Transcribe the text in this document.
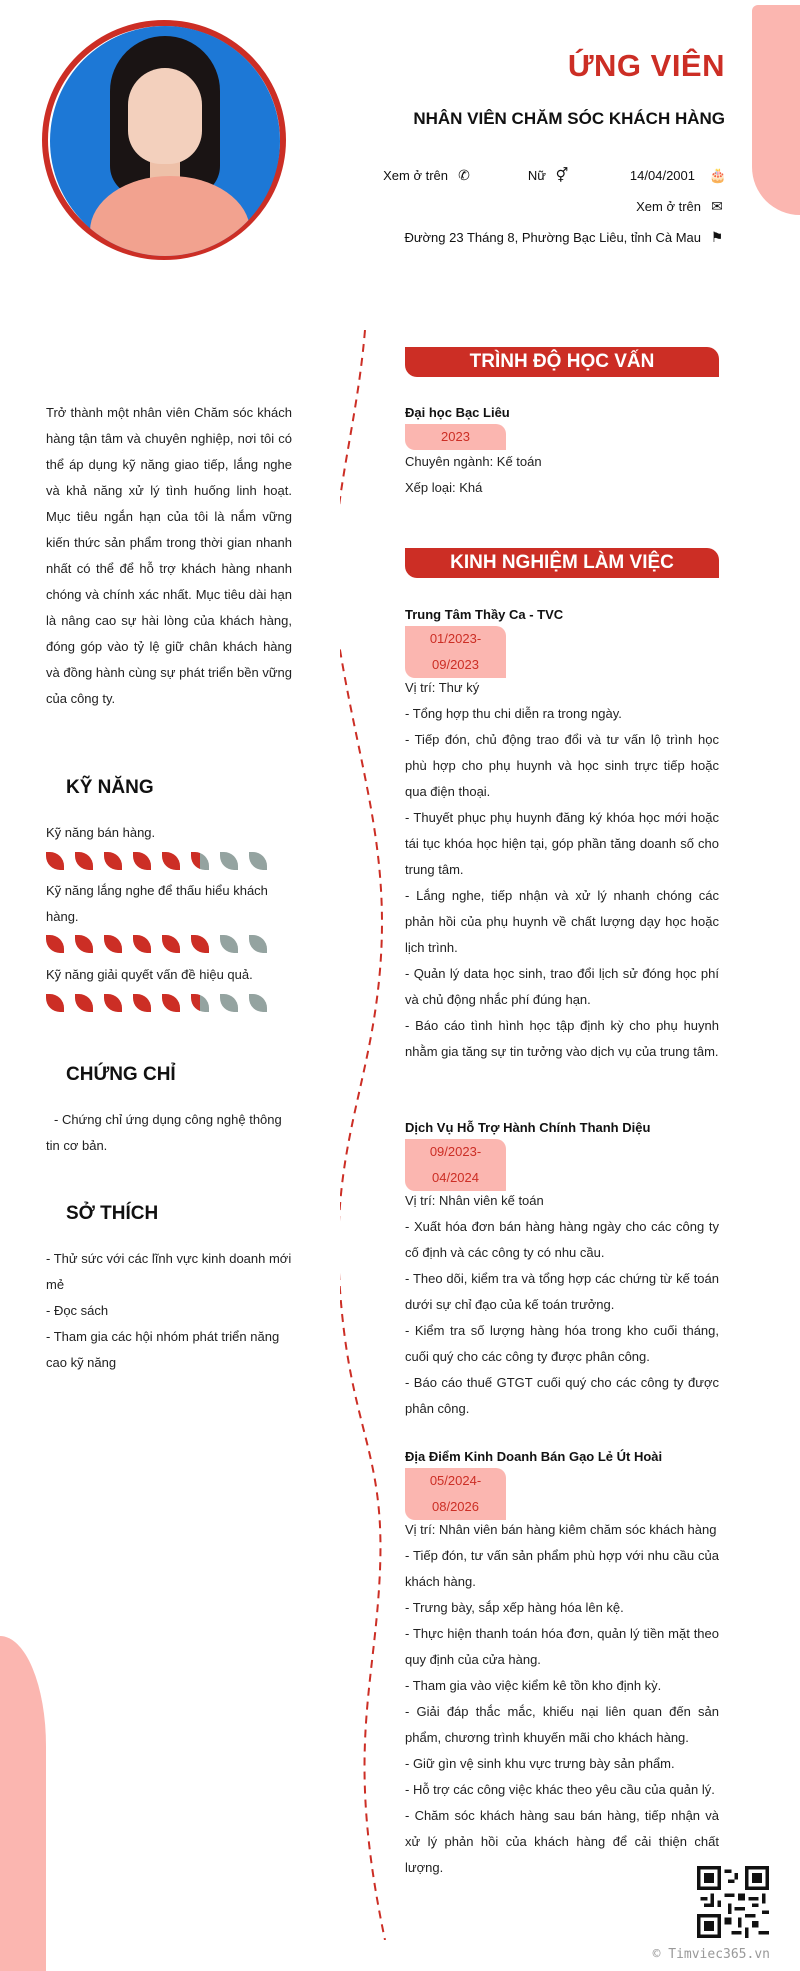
ỨNG VIÊN
NHÂN VIÊN CHĂM SÓC KHÁCH HÀNG
Xem ở trên ✆	Nữ ⚥	14/04/2001 🎂
Xem ở trên ✉
Đường 23 Tháng 8, Phường Bạc Liêu, tỉnh Cà Mau ⚑
Trở thành một nhân viên Chăm sóc khách hàng tận tâm và chuyên nghiệp, nơi tôi có thể áp dụng kỹ năng giao tiếp, lắng nghe và khả năng xử lý tình huống linh hoạt. Mục tiêu ngắn hạn của tôi là nắm vững kiến thức sản phẩm trong thời gian nhanh nhất có thể để hỗ trợ khách hàng nhanh chóng và chính xác nhất. Mục tiêu dài hạn là nâng cao sự hài lòng của khách hàng, đóng góp vào tỷ lệ giữ chân khách hàng và đồng hành cùng sự phát triển bền vững của công ty.
KỸ NĂNG
Kỹ năng bán hàng.
Kỹ năng lắng nghe để thấu hiểu khách hàng.
Kỹ năng giải quyết vấn đề hiệu quả.
CHỨNG CHỈ
- Chứng chỉ ứng dụng công nghệ thông tin cơ bản.
SỞ THÍCH
- Thử sức với các lĩnh vực kinh doanh mới mẻ
- Đọc sách
- Tham gia các hội nhóm phát triển năng cao kỹ năng
TRÌNH ĐỘ HỌC VẤN
Đại học Bạc Liêu
2023
Chuyên ngành: Kế toán
Xếp loại: Khá
KINH NGHIỆM LÀM VIỆC
Trung Tâm Thầy Ca - TVC
01/2023-
09/2023
Vị trí: Thư ký
- Tổng hợp thu chi diễn ra trong ngày.
- Tiếp đón, chủ động trao đổi và tư vấn lộ trình học phù hợp cho phụ huynh và học sinh trực tiếp hoặc qua điện thoại.
- Thuyết phục phụ huynh đăng ký khóa học mới hoặc tái tục khóa học hiện tại, góp phần tăng doanh số cho trung tâm.
- Lắng nghe, tiếp nhận và xử lý nhanh chóng các phản hồi của phụ huynh về chất lượng dạy học hoặc lịch trình.
- Quản lý data học sinh, trao đổi lịch sử đóng học phí và chủ động nhắc phí đúng hạn.
- Báo cáo tình hình học tập định kỳ cho phụ huynh nhằm gia tăng sự tin tưởng vào dịch vụ của trung tâm.
Dịch Vụ Hỗ Trợ Hành Chính Thanh Diệu
09/2023-
04/2024
Vị trí: Nhân viên kế toán
- Xuất hóa đơn bán hàng hàng ngày cho các công ty cố định và các công ty có nhu cầu.
- Theo dõi, kiểm tra và tổng hợp các chứng từ kế toán dưới sự chỉ đạo của kế toán trưởng.
- Kiểm tra số lượng hàng hóa trong kho cuối tháng, cuối quý cho các công ty được phân công.
- Báo cáo thuế GTGT cuối quý cho các công ty được phân công.
Địa Điểm Kinh Doanh Bán Gạo Lẻ Út Hoài
05/2024-
08/2026
Vị trí: Nhân viên bán hàng kiêm chăm sóc khách hàng
- Tiếp đón, tư vấn sản phẩm phù hợp với nhu cầu của khách hàng.
- Trưng bày, sắp xếp hàng hóa lên kệ.
- Thực hiện thanh toán hóa đơn, quản lý tiền mặt theo quy định của cửa hàng.
- Tham gia vào việc kiểm kê tồn kho định kỳ.
- Giải đáp thắc mắc, khiếu nại liên quan đến sản phẩm, chương trình khuyến mãi cho khách hàng.
- Giữ gìn vệ sinh khu vực trưng bày sản phẩm.
- Hỗ trợ các công việc khác theo yêu cầu của quản lý.
- Chăm sóc khách hàng sau bán hàng, tiếp nhận và xử lý phản hồi của khách hàng để cải thiện chất lượng.
© Timviec365.vn
